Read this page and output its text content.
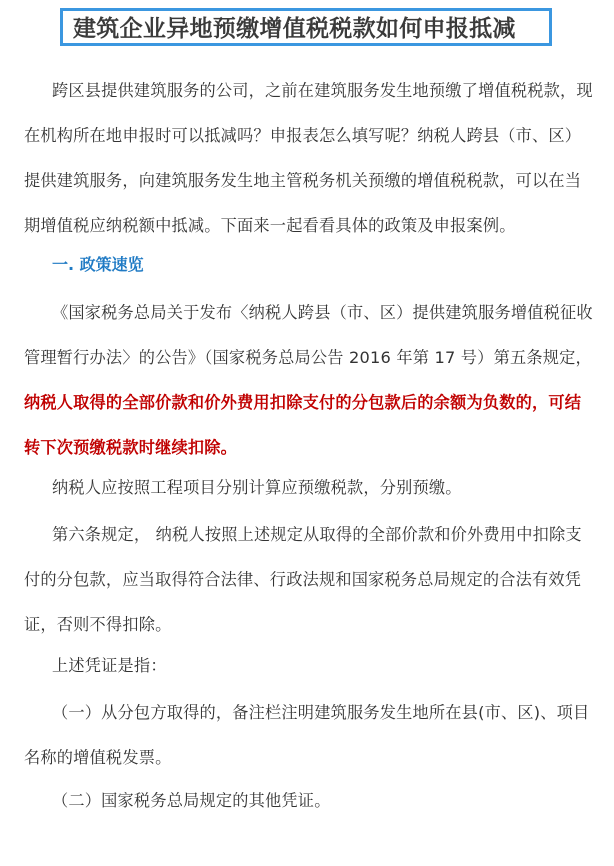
建筑企业异地预缴增值税税款如何申报抵减

跨区县提供建筑服务的公司，之前在建筑服务发生地预缴了增值税税款，现在机构所在地申报时可以抵减吗？申报表怎么填写呢？纳税人跨县（市、区）提供建筑服务，向建筑服务发生地主管税务机关预缴的增值税税款，可以在当期增值税应纳税额中抵减。下面来一起看看具体的政策及申报案例。

一. 政策速览

《国家税务总局关于发布〈纳税人跨县（市、区）提供建筑服务增值税征收管理暂行办法〉的公告》（国家税务总局公告 2016 年第 17 号）第五条规定，纳税人取得的全部价款和价外费用扣除支付的分包款后的余额为负数的，可结转下次预缴税款时继续扣除。

纳税人应按照工程项目分别计算应预缴税款，分别预缴。

第六条规定， 纳税人按照上述规定从取得的全部价款和价外费用中扣除支付的分包款，应当取得符合法律、行政法规和国家税务总局规定的合法有效凭证，否则不得扣除。

上述凭证是指：

（一）从分包方取得的，备注栏注明建筑服务发生地所在县(市、区)、项目名称的增值税发票。

（二）国家税务总局规定的其他凭证。
